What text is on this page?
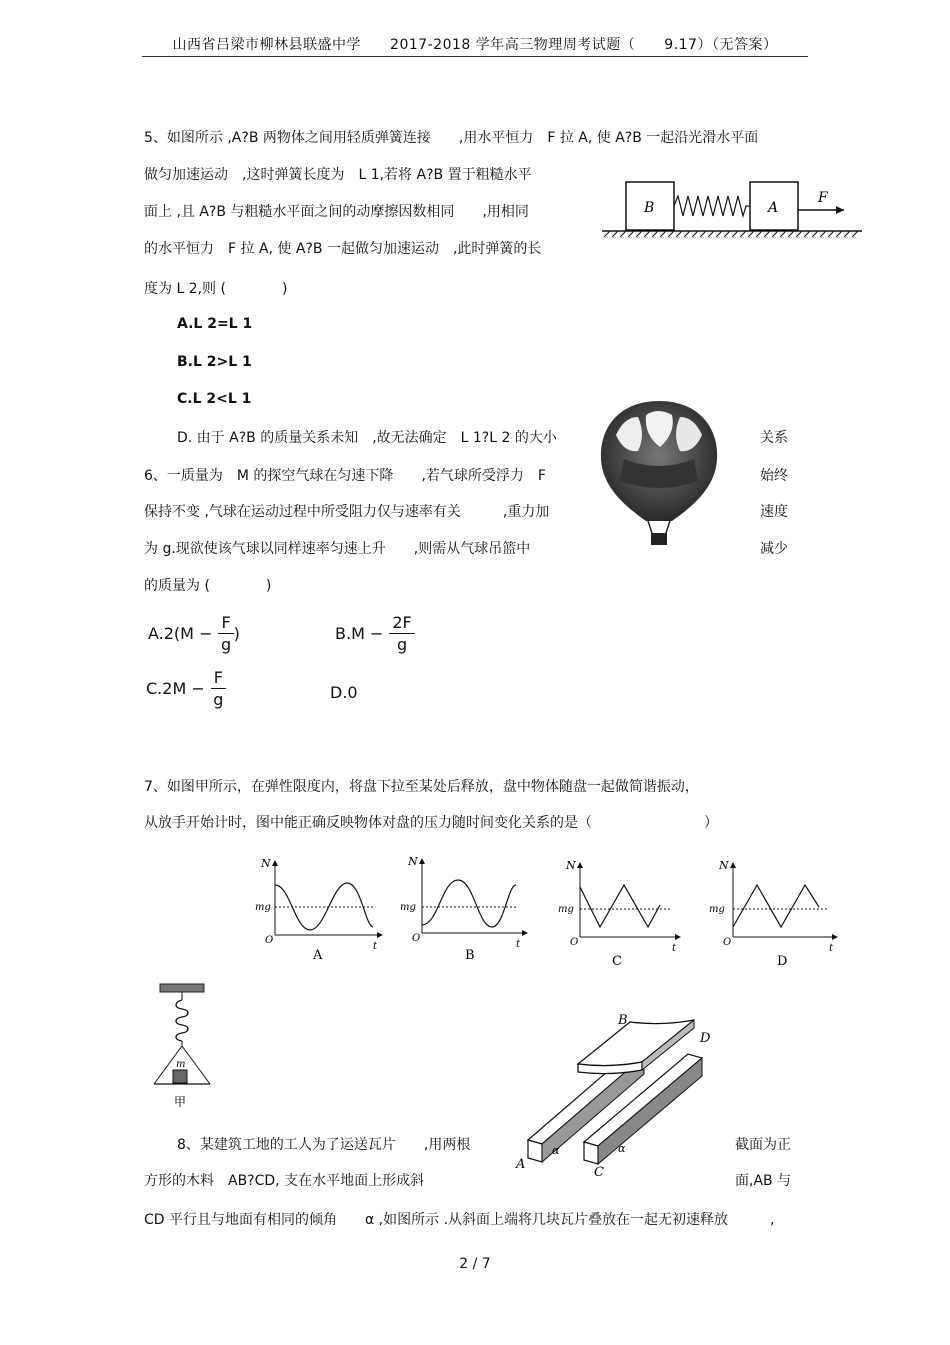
山西省吕梁市柳林县联盛中学　　2017-2018 学年高三物理周考试题（　　9.17）（无答案）
5、如图所示 ,A?B 两物体之间用轻质弹簧连接　　,用水平恒力　F 拉 A, 使 A?B 一起沿光滑水平面
做匀加速运动　,这时弹簧长度为　L 1,若将 A?B 置于粗糙水平
面上 ,且 A?B 与粗糙水平面之间的动摩擦因数相同　　,用相同
的水平恒力　F 拉 A, 使 A?B 一起做匀加速运动　,此时弹簧的长
度为 L 2,则 (　　　　)
A.L 2=L 1
B.L 2>L 1
C.L 2<L 1
D. 由于 A?B 的质量关系未知　,故无法确定　L 1?L 2 的大小
B	A
F
关系
始终
速度
减少
6、一质量为　M 的探空气球在匀速下降　　,若气球所受浮力　F
保持不变 ,气球在运动过程中所受阻力仅与速率有关　　　,重力加
为 g.现欲使该气球以同样速率匀速上升　　,则需从气球吊篮中
的质量为 (　　　　)
$A.2(M - \frac{F}{g}$ )	$B.M - \frac{2F}{g}$
$C.2M - \frac{F}{g}$	D.0
7、如图甲所示，在弹性限度内，将盘下拉至某处后释放，盘中物体随盘一起做简谐振动，
从放手开始计时，图中能正确反映物体对盘的压力随时间变化关系的是（　　　　　　　　）
N
mg
O
t
A
N
mg
O
t
B
N
mg
O
t
C
N
mg
O
t
D
m
甲
B
D
A
C
α	α
8、某建筑工地的工人为了运送瓦片　　,用两根	截面为正
方形的木料　AB?CD, 支在水平地面上形成斜	面,AB 与
CD 平行且与地面有相同的倾角　　α ,如图所示 .从斜面上端将几块瓦片叠放在一起无初速释放　　　,
2 / 7
